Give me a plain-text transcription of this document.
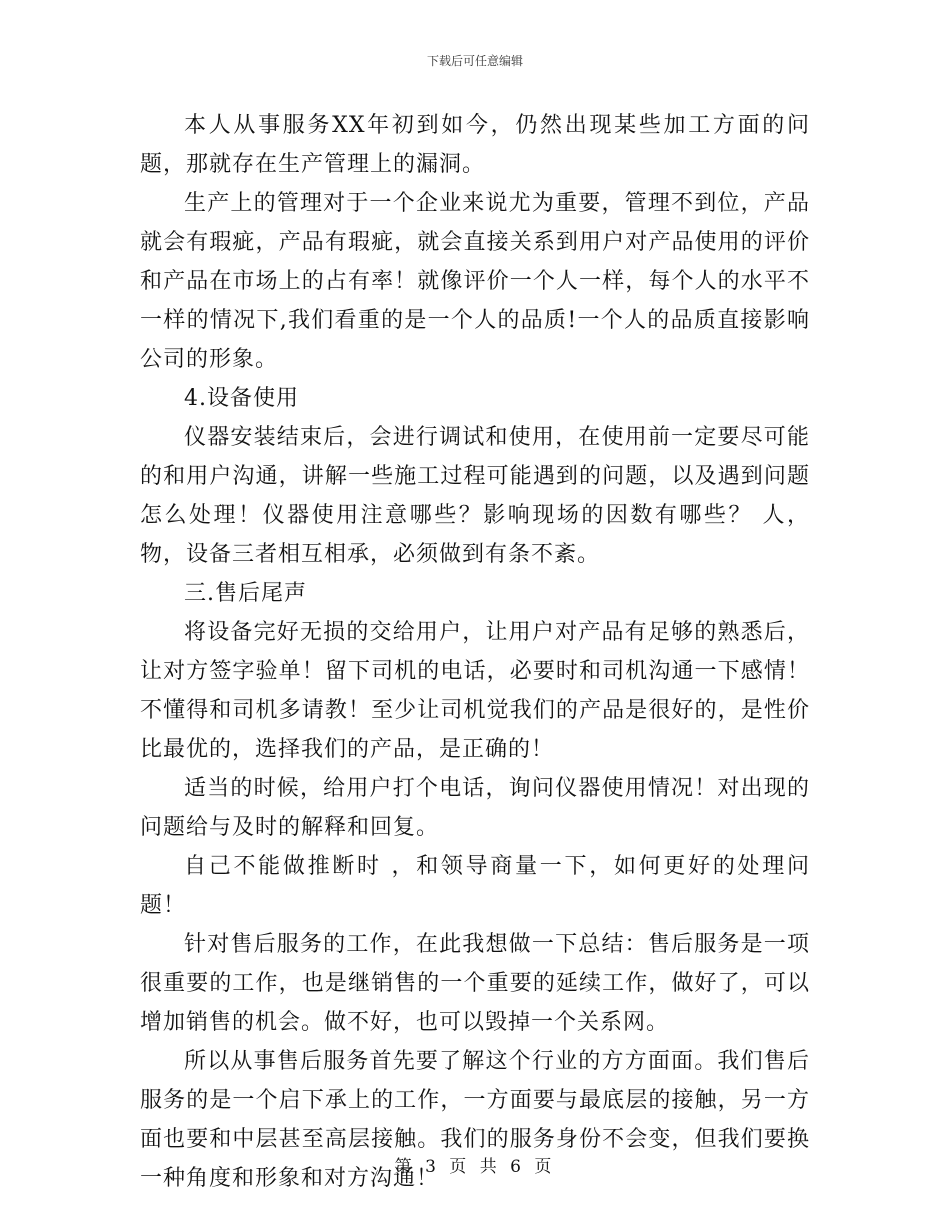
下载后可任意编辑

本人从事服务XX年初到如今，仍然出现某些加工方面的问题，那就存在生产管理上的漏洞。

生产上的管理对于一个企业来说尤为重要，管理不到位，产品就会有瑕疵，产品有瑕疵，就会直接关系到用户对产品使用的评价和产品在市场上的占有率！就像评价一个人一样，每个人的水平不一样的情况下,我们看重的是一个人的品质!一个人的品质直接影响公司的形象。

4.设备使用

仪器安装结束后，会进行调试和使用，在使用前一定要尽可能的和用户沟通，讲解一些施工过程可能遇到的问题，以及遇到问题怎么处理！仪器使用注意哪些？影响现场的因数有哪些？ 人，物，设备三者相互相承，必须做到有条不紊。

三.售后尾声

将设备完好无损的交给用户，让用户对产品有足够的熟悉后，让对方签字验单！留下司机的电话，必要时和司机沟通一下感情！不懂得和司机多请教！至少让司机觉我们的产品是很好的，是性价比最优的，选择我们的产品，是正确的！

适当的时候，给用户打个电话，询问仪器使用情况！对出现的问题给与及时的解释和回复。

自己不能做推断时 ，和领导商量一下，如何更好的处理问题！

针对售后服务的工作，在此我想做一下总结：售后服务是一项很重要的工作，也是继销售的一个重要的延续工作，做好了，可以增加销售的机会。做不好，也可以毁掉一个关系网。

所以从事售后服务首先要了解这个行业的方方面面。我们售后服务的是一个启下承上的工作，一方面要与最底层的接触，另一方面也要和中层甚至高层接触。我们的服务身份不会变，但我们要换一种角度和形象和对方沟通！

第 3 页 共 6 页
